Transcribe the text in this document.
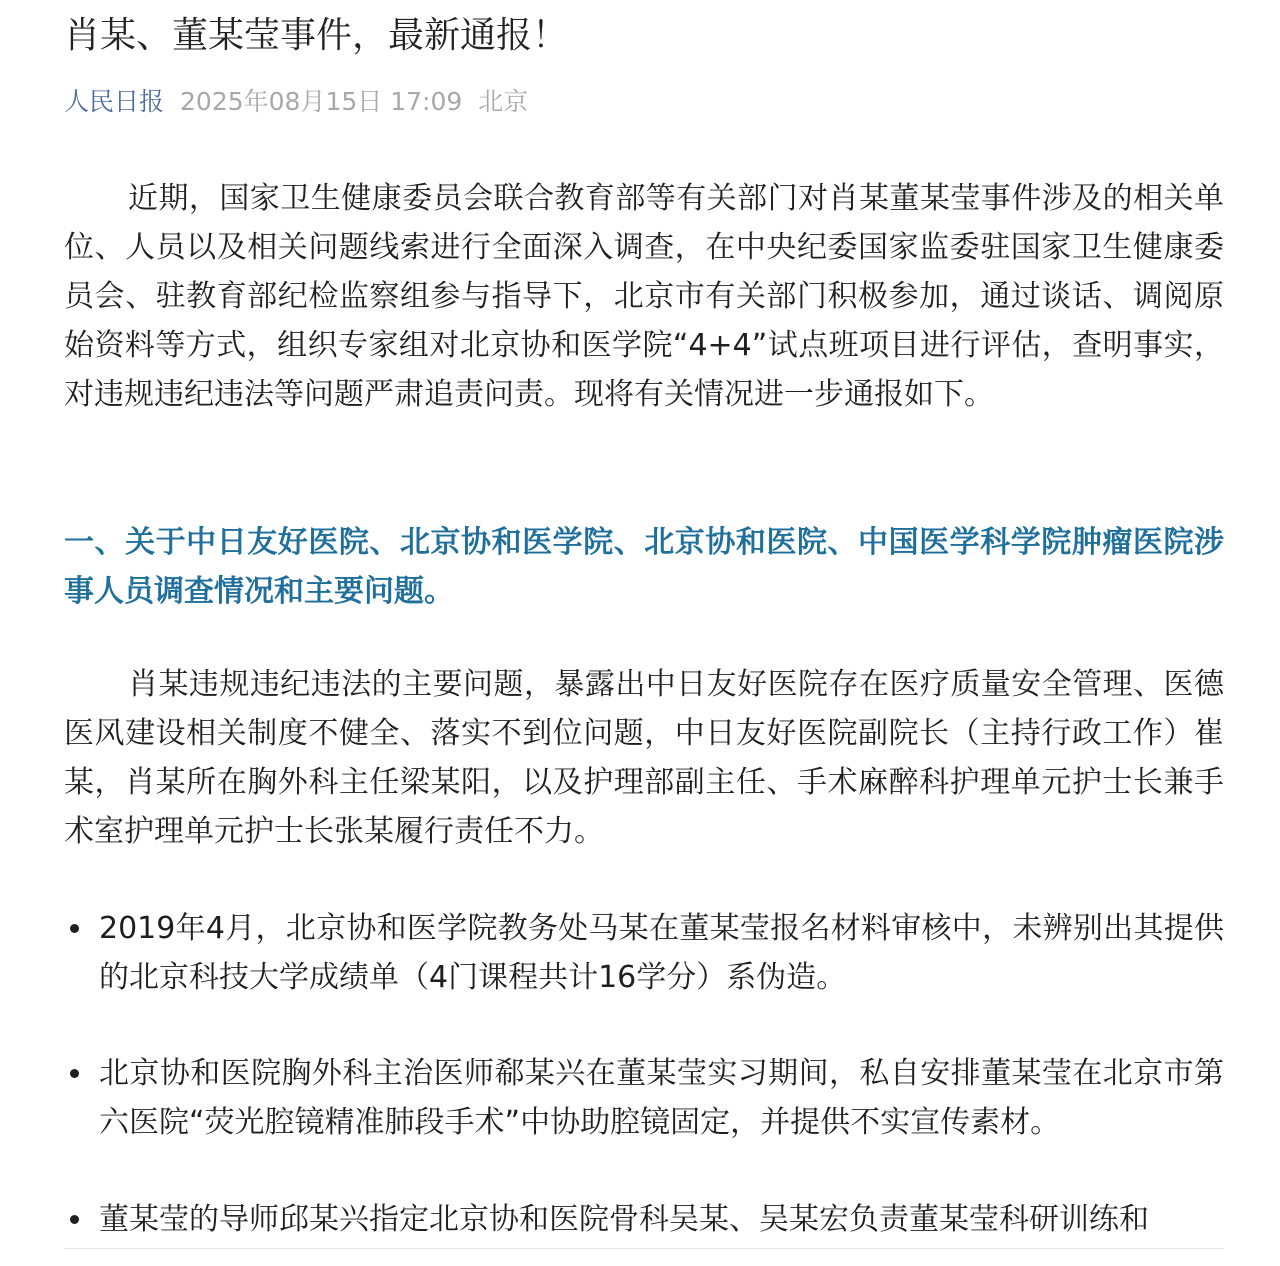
肖某、董某莹事件，最新通报！
人民日报 2025年08月15日 17:09 北京

近期，国家卫生健康委员会联合教育部等有关部门对肖某董某莹事件涉及的相关单位、人员以及相关问题线索进行全面深入调查，在中央纪委国家监委驻国家卫生健康委员会、驻教育部纪检监察组参与指导下，北京市有关部门积极参加，通过谈话、调阅原始资料等方式，组织专家组对北京协和医学院“4+4”试点班项目进行评估，查明事实，对违规违纪违法等问题严肃追责问责。现将有关情况进一步通报如下。

一、关于中日友好医院、北京协和医学院、北京协和医院、中国医学科学院肿瘤医院涉事人员调查情况和主要问题。

肖某违规违纪违法的主要问题，暴露出中日友好医院存在医疗质量安全管理、医德医风建设相关制度不健全、落实不到位问题，中日友好医院副院长（主持行政工作）崔某，肖某所在胸外科主任梁某阳，以及护理部副主任、手术麻醉科护理单元护士长兼手术室护理单元护士长张某履行责任不力。

2019年4月，北京协和医学院教务处马某在董某莹报名材料审核中，未辨别出其提供的北京科技大学成绩单（4门课程共计16学分）系伪造。
北京协和医院胸外科主治医师郗某兴在董某莹实习期间，私自安排董某莹在北京市第六医院“荧光腔镜精准肺段手术”中协助腔镜固定，并提供不实宣传素材。
董某莹的导师邱某兴指定北京协和医院骨科吴某、吴某宏负责董某莹科研训练和
